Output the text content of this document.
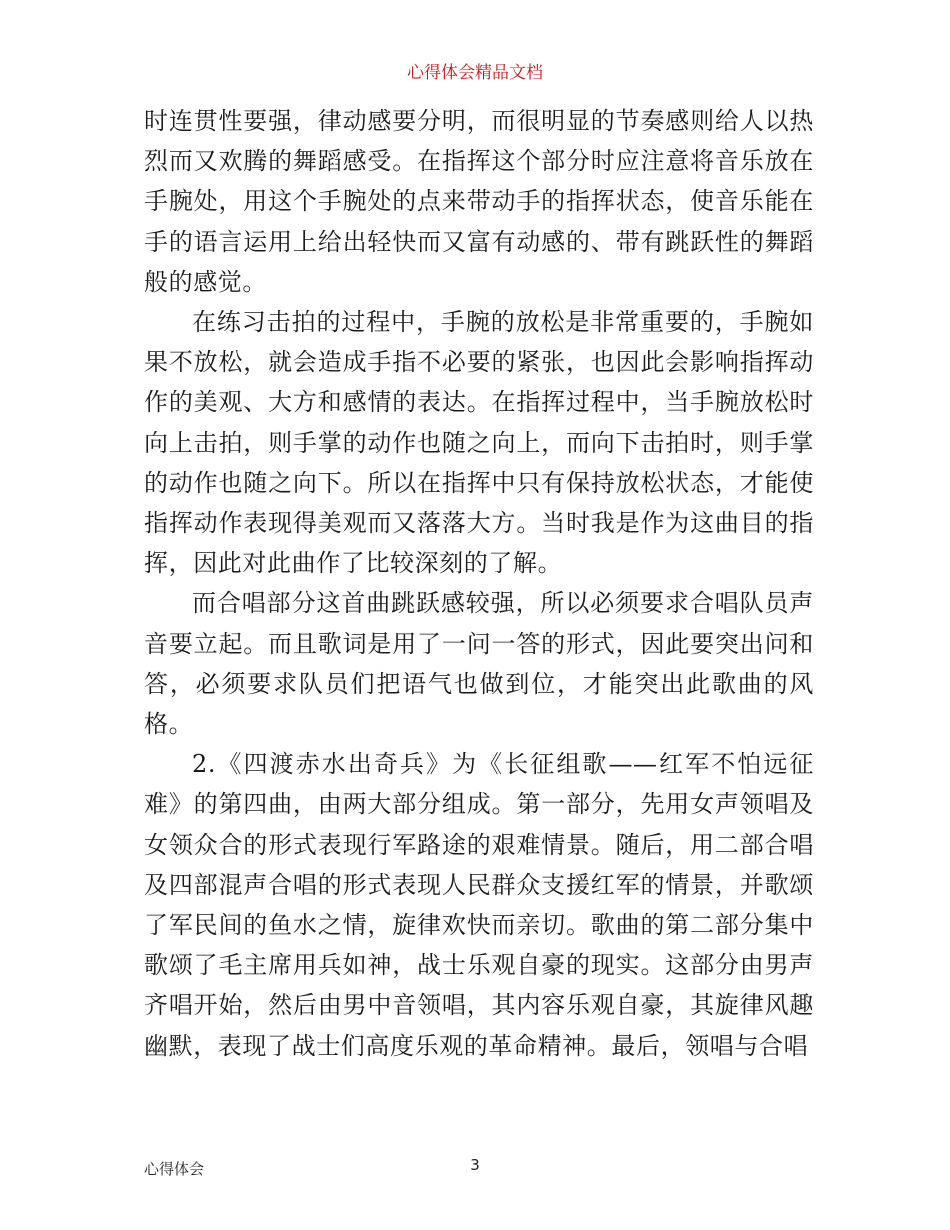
心得体会精品文档

时连贯性要强，律动感要分明，而很明显的节奏感则给人以热烈而又欢腾的舞蹈感受。在指挥这个部分时应注意将音乐放在手腕处，用这个手腕处的点来带动手的指挥状态，使音乐能在手的语言运用上给出轻快而又富有动感的、带有跳跃性的舞蹈般的感觉。

在练习击拍的过程中，手腕的放松是非常重要的，手腕如果不放松，就会造成手指不必要的紧张，也因此会影响指挥动作的美观、大方和感情的表达。在指挥过程中，当手腕放松时向上击拍，则手掌的动作也随之向上，而向下击拍时，则手掌的动作也随之向下。所以在指挥中只有保持放松状态，才能使指挥动作表现得美观而又落落大方。当时我是作为这曲目的指挥，因此对此曲作了比较深刻的了解。

而合唱部分这首曲跳跃感较强，所以必须要求合唱队员声音要立起。而且歌词是用了一问一答的形式，因此要突出问和答，必须要求队员们把语气也做到位，才能突出此歌曲的风格。

2.《四渡赤水出奇兵》为《长征组歌——红军不怕远征难》的第四曲，由两大部分组成。第一部分，先用女声领唱及女领众合的形式表现行军路途的艰难情景。随后，用二部合唱及四部混声合唱的形式表现人民群众支援红军的情景，并歌颂了军民间的鱼水之情，旋律欢快而亲切。歌曲的第二部分集中歌颂了毛主席用兵如神，战士乐观自豪的现实。这部分由男声齐唱开始，然后由男中音领唱，其内容乐观自豪，其旋律风趣幽默，表现了战士们高度乐观的革命精神。最后，领唱与合唱

心得体会	3
